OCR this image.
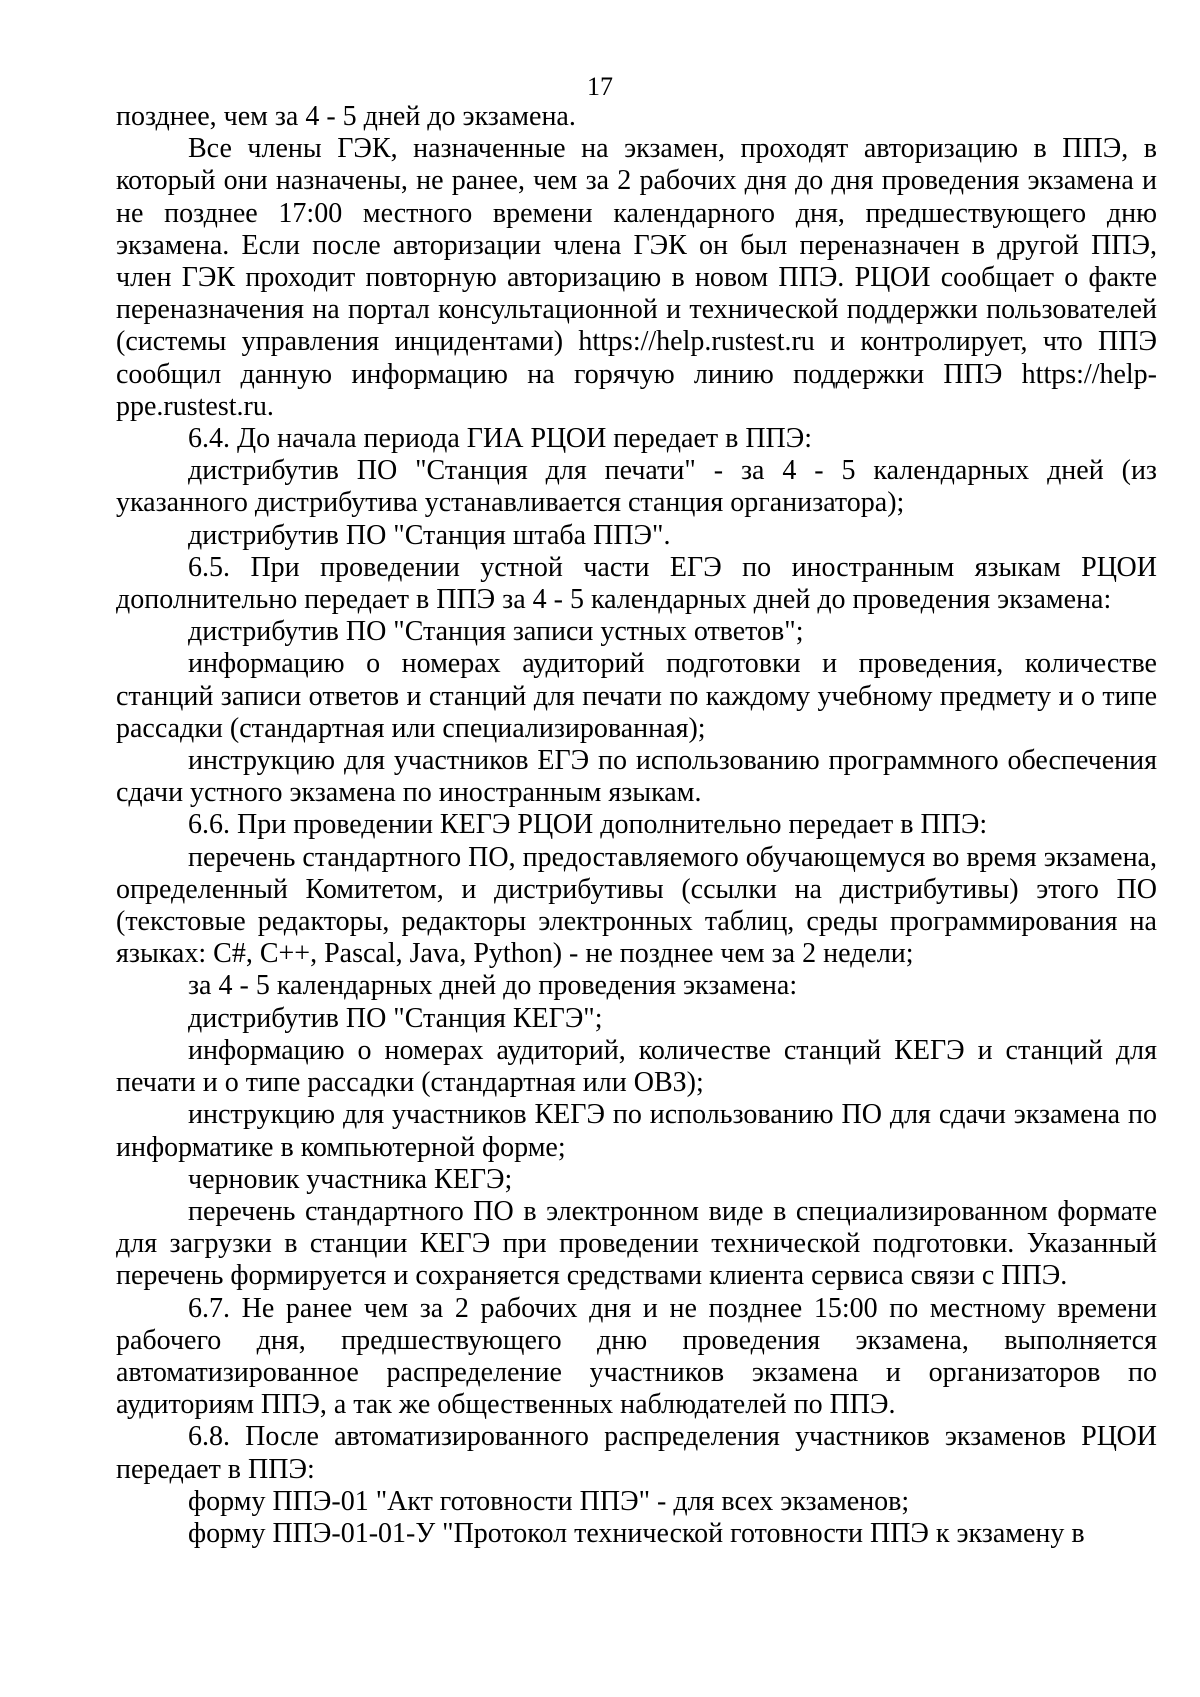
17

позднее, чем за 4 - 5 дней до экзамена.

Все члены ГЭК, назначенные на экзамен, проходят авторизацию в ППЭ, в который они назначены, не ранее, чем за 2 рабочих дня до дня проведения экзамена и не позднее 17:00 местного времени календарного дня, предшествующего дню экзамена. Если после авторизации члена ГЭК он был переназначен в другой ППЭ, член ГЭК проходит повторную авторизацию в новом ППЭ. РЦОИ сообщает о факте переназначения на портал консультационной и технической поддержки пользователей (системы управления инцидентами) https://help.rustest.ru и контролирует, что ППЭ сообщил данную информацию на горячую линию поддержки ППЭ https://help-ppe.rustest.ru.

6.4. До начала периода ГИА РЦОИ передает в ППЭ:

дистрибутив ПО "Станция для печати" - за 4 - 5 календарных дней (из указанного дистрибутива устанавливается станция организатора);

дистрибутив ПО "Станция штаба ППЭ".

6.5. При проведении устной части ЕГЭ по иностранным языкам РЦОИ дополнительно передает в ППЭ за 4 - 5 календарных дней до проведения экзамена:

дистрибутив ПО "Станция записи устных ответов";

информацию о номерах аудиторий подготовки и проведения, количестве станций записи ответов и станций для печати по каждому учебному предмету и о типе рассадки (стандартная или специализированная);

инструкцию для участников ЕГЭ по использованию программного обеспечения сдачи устного экзамена по иностранным языкам.

6.6. При проведении КЕГЭ РЦОИ дополнительно передает в ППЭ:

перечень стандартного ПО, предоставляемого обучающемуся во время экзамена, определенный Комитетом, и дистрибутивы (ссылки на дистрибутивы) этого ПО (текстовые редакторы, редакторы электронных таблиц, среды программирования на языках: C#, C++, Pascal, Java, Python) - не позднее чем за 2 недели;

за 4 - 5 календарных дней до проведения экзамена:

дистрибутив ПО "Станция КЕГЭ";

информацию о номерах аудиторий, количестве станций КЕГЭ и станций для печати и о типе рассадки (стандартная или ОВЗ);

инструкцию для участников КЕГЭ по использованию ПО для сдачи экзамена по информатике в компьютерной форме;

черновик участника КЕГЭ;

перечень стандартного ПО в электронном виде в специализированном формате для загрузки в станции КЕГЭ при проведении технической подготовки. Указанный перечень формируется и сохраняется средствами клиента сервиса связи с ППЭ.

6.7. Не ранее чем за 2 рабочих дня и не позднее 15:00 по местному времени рабочего дня, предшествующего дню проведения экзамена, выполняется автоматизированное распределение участников экзамена и организаторов по аудиториям ППЭ, а так же общественных наблюдателей по ППЭ.

6.8. После автоматизированного распределения участников экзаменов РЦОИ передает в ППЭ:

форму ППЭ-01 "Акт готовности ППЭ" - для всех экзаменов;

форму ППЭ-01-01-У "Протокол технической готовности ППЭ к экзамену в
